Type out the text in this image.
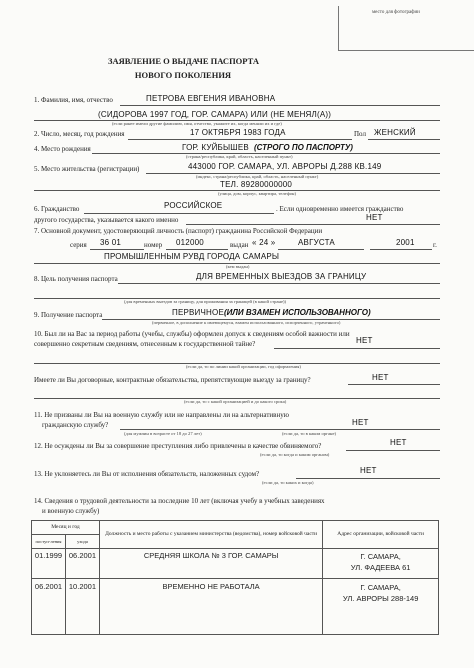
место для фотографии
ЗАЯВЛЕНИЕ О ВЫДАЧЕ ПАСПОРТА
НОВОГО ПОКОЛЕНИЯ
1. Фамилия, имя, отчество	ПЕТРОВА ЕВГЕНИЯ ИВАНОВНА
(СИДОРОВА 1997 ГОД, ГОР. САМАРА) ИЛИ (НЕ МЕНЯЛ(А))
(если ранее имели другие фамилию, имя, отчество, укажите их, когда меняли их и где)
2. Число, месяц, год рождения	17 ОКТЯБРЯ 1983 ГОДА	Пол ЖЕНСКИЙ
4. Место рождения	ГОР. КУЙБЫШЕВ (СТРОГО ПО ПАСПОРТУ)
(страна/республика, край, область, населенный пункт)
5. Место жительства (регистрации)	443000 ГОР. САМАРА, УЛ. АВРОРЫ Д.288 КВ.149
(индекс, страна/республика, край, область, населенный пункт)
ТЕЛ. 89280000000
(улица, дом, корпус, квартира, телефон)
6. Гражданство	РОССИЙСКОЕ	. Если одновременно имеется гражданство
другого государства, указывается какого именно	НЕТ
7. Основной документ, удостоверяющий личность (паспорт) гражданина Российской Федерации
серия 36 01	номер 012000	выдан « 24 »	АВГУСТА	2001	г.
ПРОМЫШЛЕННЫМ РУВД ГОРОДА САМАРЫ
(кем выдан)
8. Цель получения паспорта	ДЛЯ ВРЕМЕННЫХ ВЫЕЗДОВ ЗА ГРАНИЦУ
(для временных выездов за границу, для проживания за границей (в какой стране))
9. Получение паспорта	ПЕРВИЧНОЕ (ИЛИ ВЗАМЕН ИСПОЛЬЗОВАННОГО)
(первичное, в дополнение к имеющемуся, взамен использованного, испорченного, утраченного)
10. Был ли на Вас за период работы (учебы, службы) оформлен допуск к сведениям особой важности или
совершенно секретным сведениям, отнесенным к государственной тайне?	НЕТ
(если да, то по линии какой организации, год оформления)
Имеете ли Вы договорные, контрактные обязательства, препятствующие выезду за границу?	НЕТ
(если да, то с какой организацией и до какого срока)
11. Не призваны ли Вы на военную службу или не направлены ли на альтернативную
гражданскую службу?	НЕТ
(для мужчин в возрасте от 18 до 27 лет)	(если да, то в каком органе)
12. Не осуждены ли Вы за совершение преступления либо привлечены в качестве обвиняемого?	НЕТ
(если да, то когда и каким органом)
13. Не уклоняетесь ли Вы от исполнения обязательств, наложенных судом?	НЕТ
(если да, то каких и когда)
14. Сведения о трудовой деятельности за последние 10 лет (включая учебу в учебных заведениях
и военную службу)
Месяц и год		Должность и место работы с указанием министерства (ведомства), номер войсковой части	Адрес организации, войсковой части
поступ-ления	ухода		
01.1999	06.2001	СРЕДНЯЯ ШКОЛА № 3 ГОР. САМАРЫ	Г. САМАРА,
УЛ. ФАДЕЕВА 61

06.2001	10.2001	ВРЕМЕННО НЕ РАБОТАЛА	Г. САМАРА,
УЛ. АВРОРЫ 288-149
